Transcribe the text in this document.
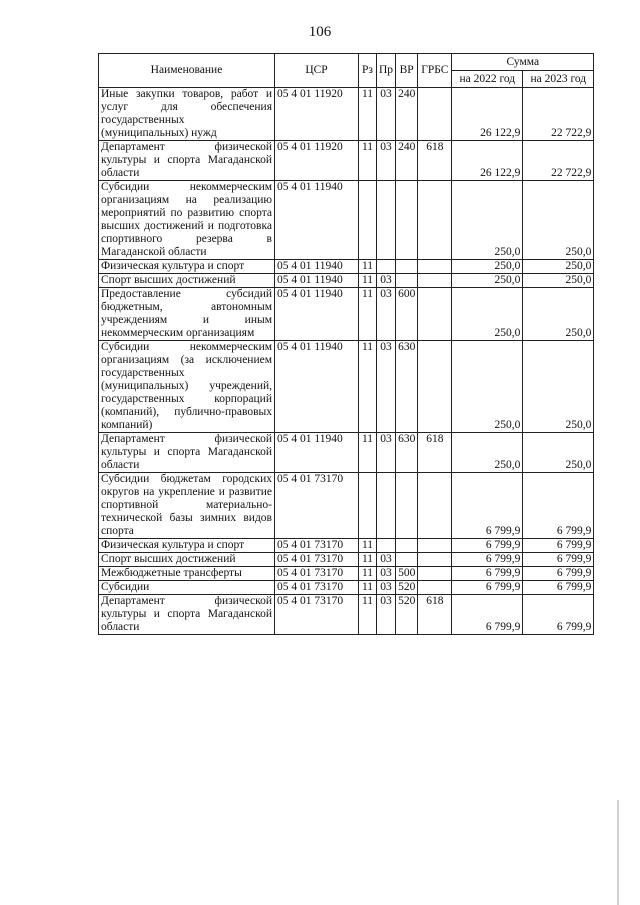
106
Наименование	ЦСР	Рз	Пр	ВР	ГРБС	Сумма	
						на 2022 год	на 2023 год
Иные закупки товаров, работ и услуг для обеспечения государственных (муниципальных) нужд	05 4 01 11920	11	03	240		26 122,9	22 722,9
Департамент физической культуры и спорта Магаданской области	05 4 01 11920	11	03	240	618	26 122,9	22 722,9
Субсидии некоммерческим организациям на реализацию мероприятий по развитию спорта высших достижений и подготовка спортивного резерва в Магаданской области	05 4 01 11940					250,0	250,0
Физическая культура и спорт	05 4 01 11940	11				250,0	250,0
Спорт высших достижений	05 4 01 11940	11	03			250,0	250,0
Предоставление субсидий бюджетным, автономным учреждениям и иным некоммерческим организациям	05 4 01 11940	11	03	600		250,0	250,0
Субсидии некоммерческим организациям (за исключением государственных (муниципальных) учреждений, государственных корпораций (компаний), публично-правовых компаний)	05 4 01 11940	11	03	630		250,0	250,0
Департамент физической культуры и спорта Магаданской области	05 4 01 11940	11	03	630	618	250,0	250,0
Субсидии бюджетам городских округов на укрепление и развитие спортивной материально-технической базы зимних видов спорта	05 4 01 73170					6 799,9	6 799,9
Физическая культура и спорт	05 4 01 73170	11				6 799,9	6 799,9
Спорт высших достижений	05 4 01 73170	11	03			6 799,9	6 799,9
Межбюджетные трансферты	05 4 01 73170	11	03	500		6 799,9	6 799,9
Субсидии	05 4 01 73170	11	03	520		6 799,9	6 799,9
Департамент физической культуры и спорта Магаданской области	05 4 01 73170	11	03	520	618	6 799,9	6 799,9
